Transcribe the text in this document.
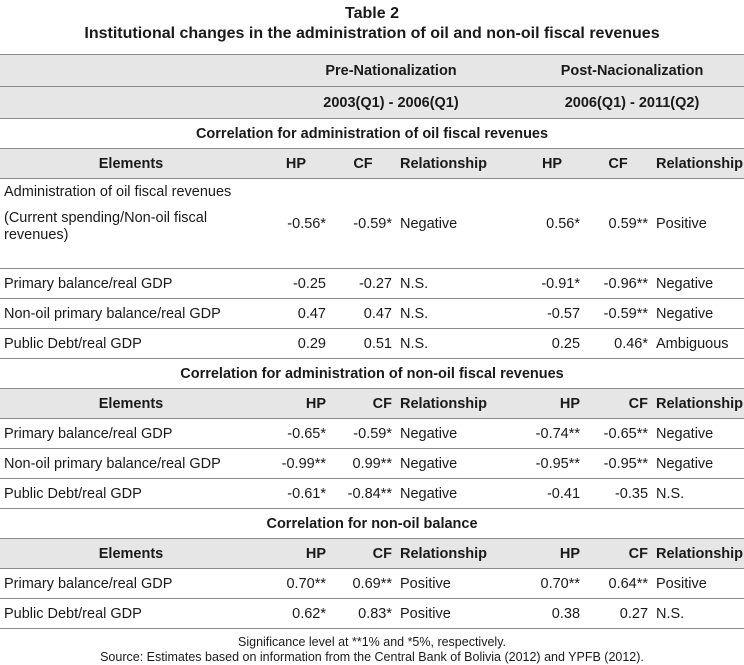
Table 2
Institutional changes in the administration of oil and non-oil fiscal revenues
	Pre-Nationalization			Post-Nacionalization		
	2003(Q1) - 2006(Q1)			2006(Q1) - 2011(Q2)		
Correlation for administration of oil fiscal revenues						
Elements	HP	CF	Relationship	HP	CF	Relationship
Administration of oil fiscal revenues
(Current spending/Non-oil fiscal revenues)	-0.56*	-0.59*	Negative	0.56*	0.59**	Positive
Primary balance/real GDP	-0.25	-0.27	N.S.	-0.91*	-0.96**	Negative
Non-oil primary balance/real GDP	0.47	0.47	N.S.	-0.57	-0.59**	Negative
Public Debt/real GDP	0.29	0.51	N.S.	0.25	0.46*	Ambiguous
Correlation for administration of non-oil fiscal revenues						
Elements	HP	CF	Relationship	HP	CF	Relationship
Primary balance/real GDP	-0.65*	-0.59*	Negative	-0.74**	-0.65**	Negative
Non-oil primary balance/real GDP	-0.99**	0.99**	Negative	-0.95**	-0.95**	Negative
Public Debt/real GDP	-0.61*	-0.84**	Negative	-0.41	-0.35	N.S.
Correlation for non-oil balance						
Elements	HP	CF	Relationship	HP	CF	Relationship
Primary balance/real GDP	0.70**	0.69**	Positive	0.70**	0.64**	Positive
Public Debt/real GDP	0.62*	0.83*	Positive	0.38	0.27	N.S.
Significance level at **1% and *5%, respectively.
Source: Estimates based on information from the Central Bank of Bolivia (2012) and YPFB (2012).
